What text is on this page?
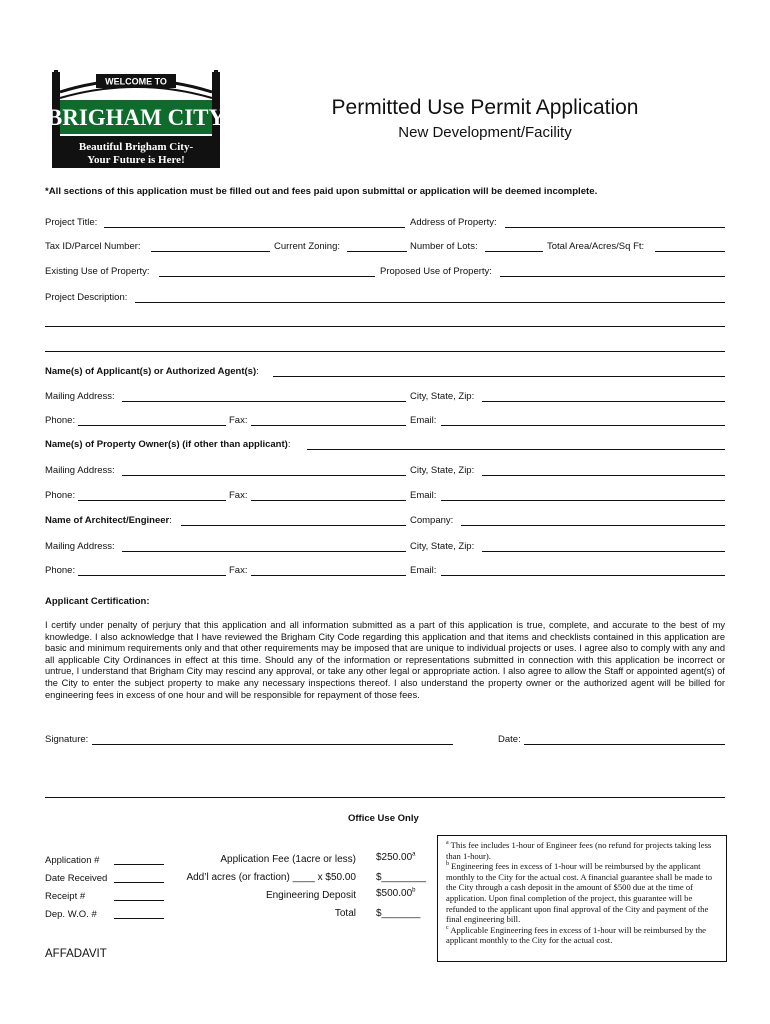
WELCOME TO
BRIGHAM CITY
Beautiful Brigham City-
Your Future is Here!
Permitted Use Permit Application
New Development/Facility
*All sections of this application must be filled out and fees paid upon submittal or application will be deemed incomplete.
Project Title:	Address of Property:
Tax ID/Parcel Number:	Current Zoning:	Number of Lots:	Total Area/Acres/Sq Ft:
Existing Use of Property:	Proposed Use of Property:
Project Description:
Name(s) of Applicant(s) or Authorized Agent(s):
Mailing Address:	City, State, Zip:
Phone:	Fax:	Email:
Name(s) of Property Owner(s) (if other than applicant):
Mailing Address:	City, State, Zip:
Phone:	Fax:	Email:
Name of Architect/Engineer:	Company:
Mailing Address:	City, State, Zip:
Phone:	Fax:	Email:
Applicant Certification:
I certify under penalty of perjury that this application and all information submitted as a part of this application is true, complete, and accurate to the best of my knowledge. I also acknowledge that I have reviewed the Brigham City Code regarding this application and that items and checklists contained in this application are basic and minimum requirements only and that other requirements may be imposed that are unique to individual projects or uses. I agree also to comply with any and all applicable City Ordinances in effect at this time. Should any of the information or representations submitted in connection with this application be incorrect or untrue, I understand that Brigham City may rescind any approval, or take any other legal or appropriate action. I also agree to allow the Staff or appointed agent(s) of the City to enter the subject property to make any necessary inspections thereof. I also understand the property owner or the authorized agent will be billed for engineering fees in excess of one hour and will be responsible for repayment of those fees.
Signature:	Date:
Office Use Only
Application #
Date Received
Receipt #
Dep. W.O. #
Application Fee (1acre or less) $250.00$^a$
Add’l acres (or fraction) ____ x $50.00 $________
Engineering Deposit $500.00$^b$
Total $_______
AFFADAVIT

$^a$ This fee includes 1-hour of Engineer fees (no refund for projects taking less than 1-hour).

$^b$ Engineering fees in excess of 1-hour will be reimbursed by the applicant monthly to the City for the actual cost. A financial guarantee shall be made to the City through a cash deposit in the amount of $500 due at the time of application. Upon final completion of the project, this guarantee will be refunded to the applicant upon final approval of the City and payment of the final engineering bill.

$^c$ Applicable Engineering fees in excess of 1-hour will be reimbursed by the applicant monthly to the City for the actual cost.
